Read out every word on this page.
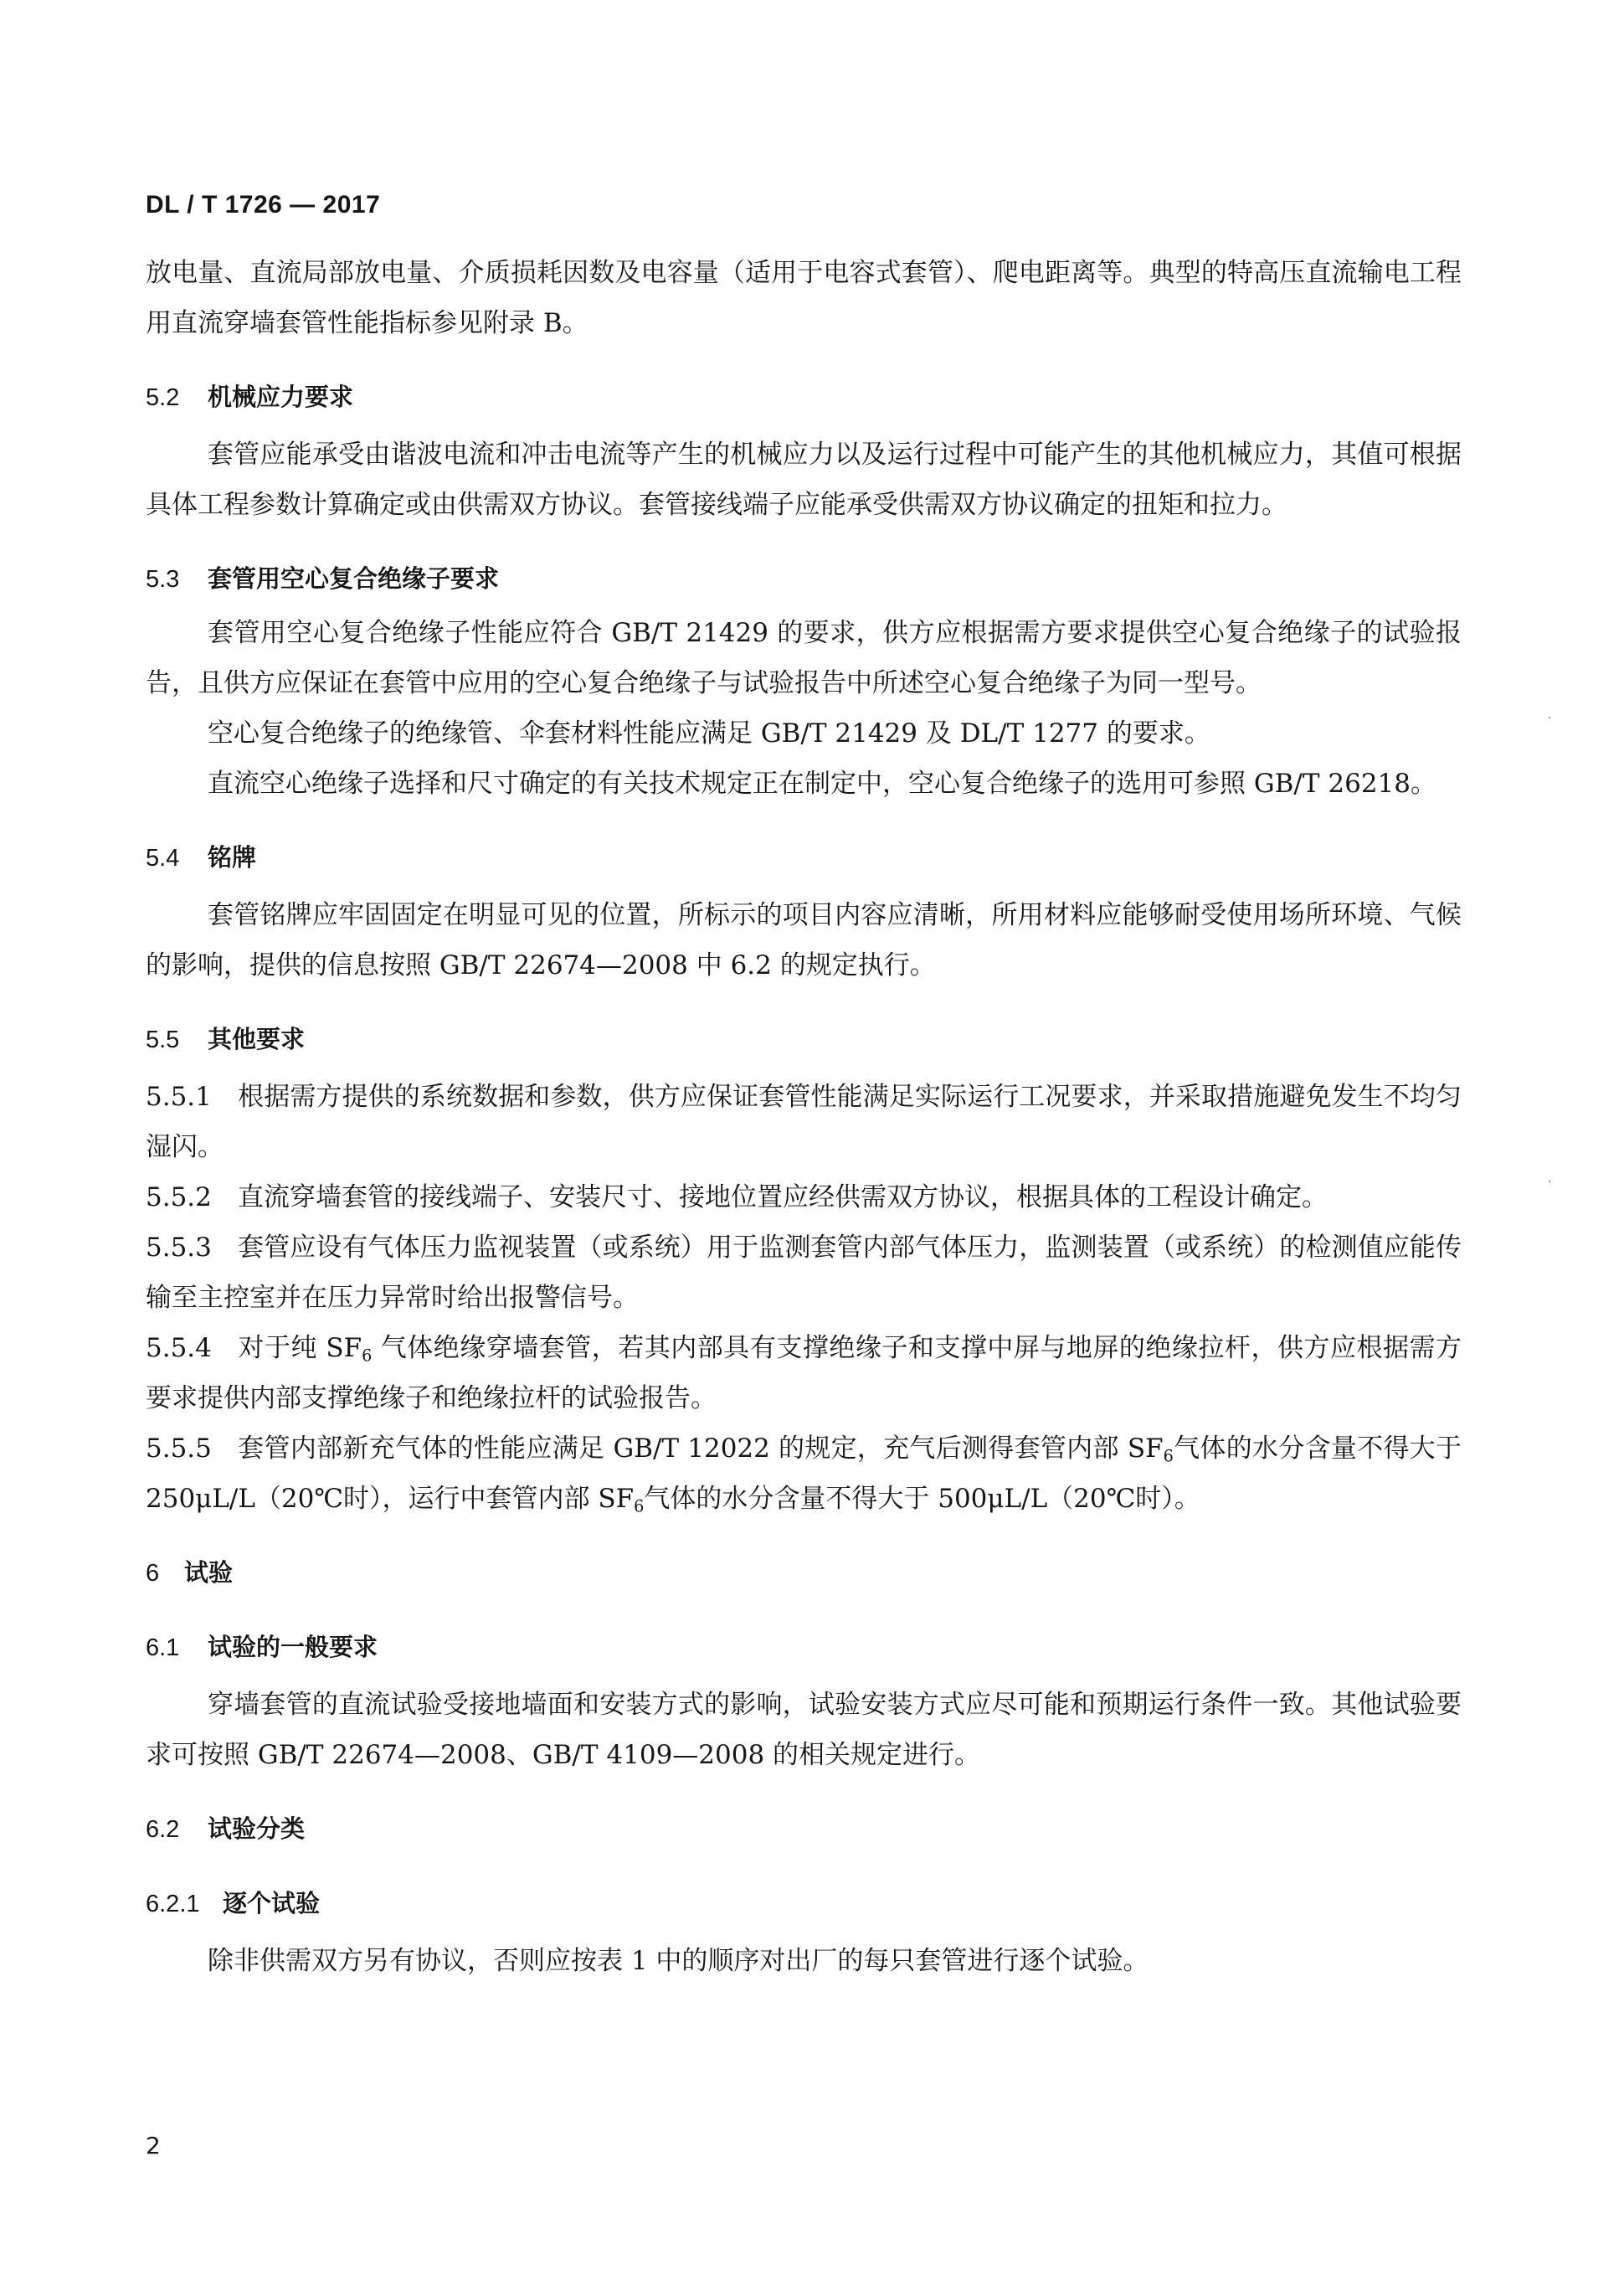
DL / T 1726 — 2017

放电量、直流局部放电量、介质损耗因数及电容量（适用于电容式套管）、爬电距离等。典型的特高压直流输电工程用直流穿墙套管性能指标参见附录 B。

5.2 机械应力要求

套管应能承受由谐波电流和冲击电流等产生的机械应力以及运行过程中可能产生的其他机械应力，其值可根据具体工程参数计算确定或由供需双方协议。套管接线端子应能承受供需双方协议确定的扭矩和拉力。

5.3 套管用空心复合绝缘子要求

套管用空心复合绝缘子性能应符合 GB/T 21429 的要求，供方应根据需方要求提供空心复合绝缘子的试验报告，且供方应保证在套管中应用的空心复合绝缘子与试验报告中所述空心复合绝缘子为同一型号。

空心复合绝缘子的绝缘管、伞套材料性能应满足 GB/T 21429 及 DL/T 1277 的要求。

直流空心绝缘子选择和尺寸确定的有关技术规定正在制定中，空心复合绝缘子的选用可参照 GB/T 26218。

5.4 铭牌

套管铭牌应牢固固定在明显可见的位置，所标示的项目内容应清晰，所用材料应能够耐受使用场所环境、气候的影响，提供的信息按照 GB/T 22674—2008 中 6.2 的规定执行。

5.5 其他要求

5.5.1 根据需方提供的系统数据和参数，供方应保证套管性能满足实际运行工况要求，并采取措施避免发生不均匀湿闪。

5.5.2 直流穿墙套管的接线端子、安装尺寸、接地位置应经供需双方协议，根据具体的工程设计确定。

5.5.3 套管应设有气体压力监视装置（或系统）用于监测套管内部气体压力，监测装置（或系统）的检测值应能传输至主控室并在压力异常时给出报警信号。

5.5.4 对于纯 $SF_6$ 气体绝缘穿墙套管，若其内部具有支撑绝缘子和支撑中屏与地屏的绝缘拉杆，供方应根据需方要求提供内部支撑绝缘子和绝缘拉杆的试验报告。

5.5.5 套管内部新充气体的性能应满足 GB/T 12022 的规定，充气后测得套管内部 $SF_6$气体的水分含量不得大于 250μL/L（20℃时），运行中套管内部 $SF_6$气体的水分含量不得大于 500μL/L（20℃时）。

6 试验
6.1 试验的一般要求

穿墙套管的直流试验受接地墙面和安装方式的影响，试验安装方式应尽可能和预期运行条件一致。其他试验要求可按照 GB/T 22674—2008、GB/T 4109—2008 的相关规定进行。

6.2 试验分类
6.2.1 逐个试验

除非供需双方另有协议，否则应按表 1 中的顺序对出厂的每只套管进行逐个试验。

2
